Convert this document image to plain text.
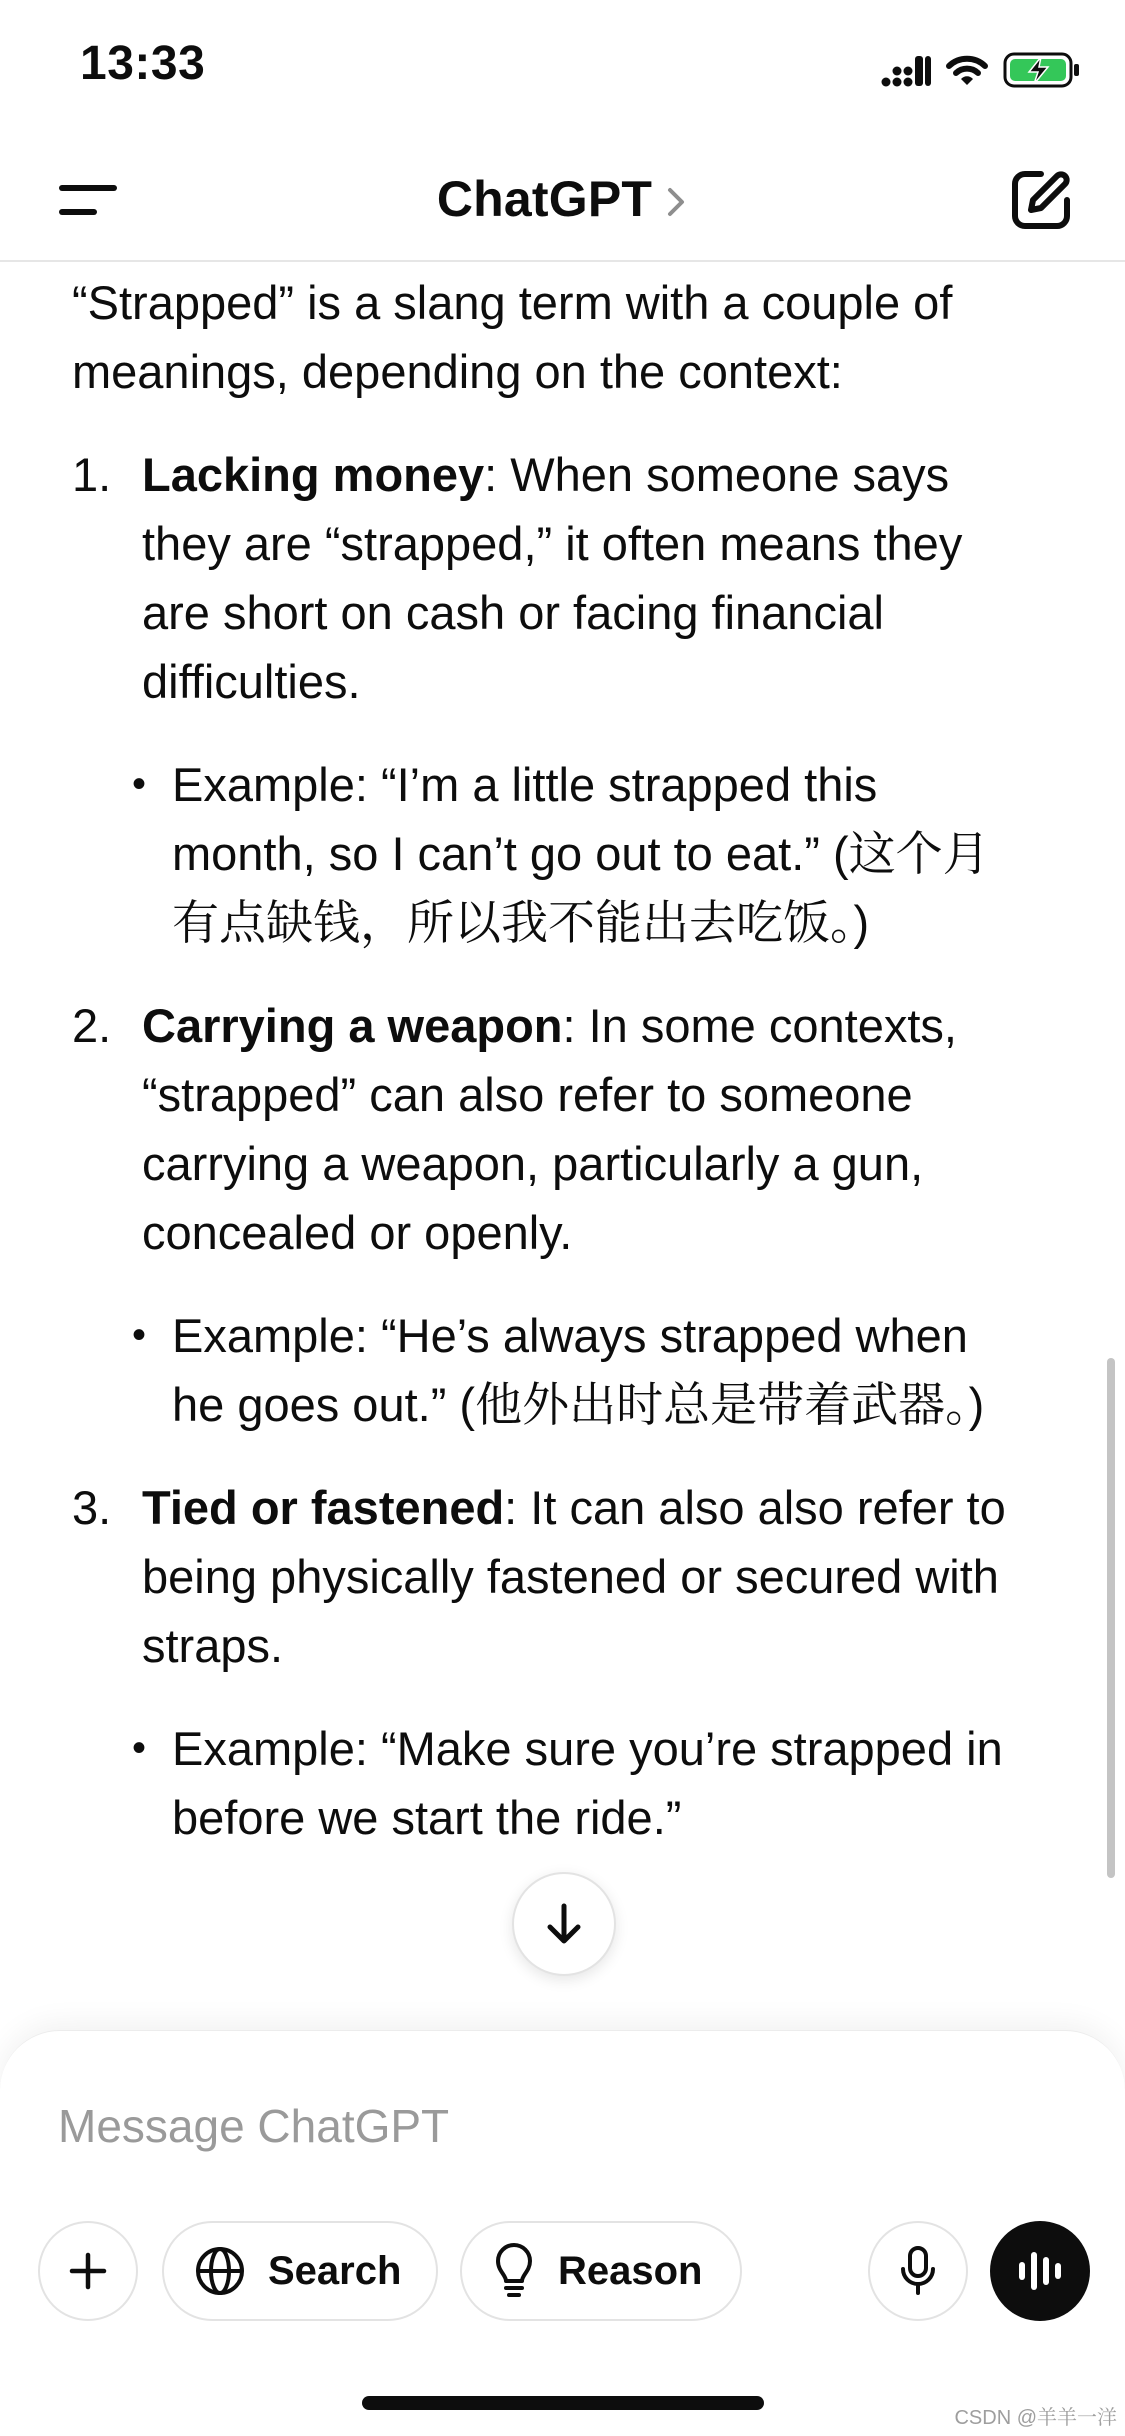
13:33
ChatGPT

“Strapped” is a slang term with a couple of meanings, depending on the context:

1. Lacking money: When someone says they are “strapped,” it often means they are short on cash or facing financial difficulties.
• Example: “I’m a little strapped this month, so I can’t go out to eat.” (这个月有点缺钱，所以我不能出去吃饭。)
2. Carrying a weapon: In some contexts, “strapped” can also refer to someone carrying a weapon, particularly a gun, concealed or openly.
• Example: “He’s always strapped when he goes out.” (他外出时总是带着武器。)
3. Tied or fastened: It can also also refer to being physically fastened or secured with straps.
• Example: “Make sure you’re strapped in before we start the ride.”
Message ChatGPT
Search	Reason
CSDN @羊羊一洋
